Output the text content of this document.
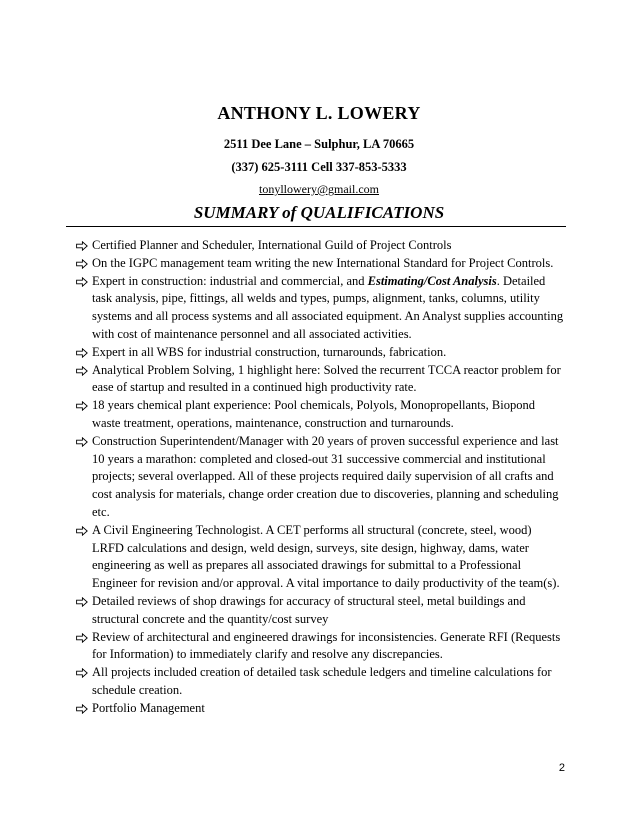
ANTHONY L. LOWERY
2511 Dee Lane – Sulphur, LA 70665
(337) 625-3111 Cell 337-853-5333
tonyllowery@gmail.com
SUMMARY of QUALIFICATIONS
Certified Planner and Scheduler, International Guild of Project Controls
On the IGPC management team writing the new International Standard for Project Controls.
Expert in construction: industrial and commercial, and Estimating/Cost Analysis. Detailed task analysis, pipe, fittings, all welds and types, pumps, alignment, tanks, columns, utility systems and all process systems and all associated equipment. An Analyst supplies accounting with cost of maintenance personnel and all associated activities.
Expert in all WBS for industrial construction, turnarounds, fabrication.
Analytical Problem Solving, 1 highlight here: Solved the recurrent TCCA reactor problem for ease of startup and resulted in a continued high productivity rate.
18 years chemical plant experience: Pool chemicals, Polyols, Monopropellants, Biopond waste treatment, operations, maintenance, construction and turnarounds.
Construction Superintendent/Manager with 20 years of proven successful experience and last 10 years a marathon: completed and closed-out 31 successive commercial and institutional projects; several overlapped. All of these projects required daily supervision of all crafts and cost analysis for materials, change order creation due to discoveries, planning and scheduling etc.
A Civil Engineering Technologist. A CET performs all structural (concrete, steel, wood) LRFD calculations and design, weld design, surveys, site design, highway, dams, water engineering as well as prepares all associated drawings for submittal to a Professional Engineer for revision and/or approval. A vital importance to daily productivity of the team(s).
Detailed reviews of shop drawings for accuracy of structural steel, metal buildings and structural concrete and the quantity/cost survey
Review of architectural and engineered drawings for inconsistencies. Generate RFI (Requests for Information) to immediately clarify and resolve any discrepancies.
All projects included creation of detailed task schedule ledgers and timeline calculations for schedule creation.
Portfolio Management
2
